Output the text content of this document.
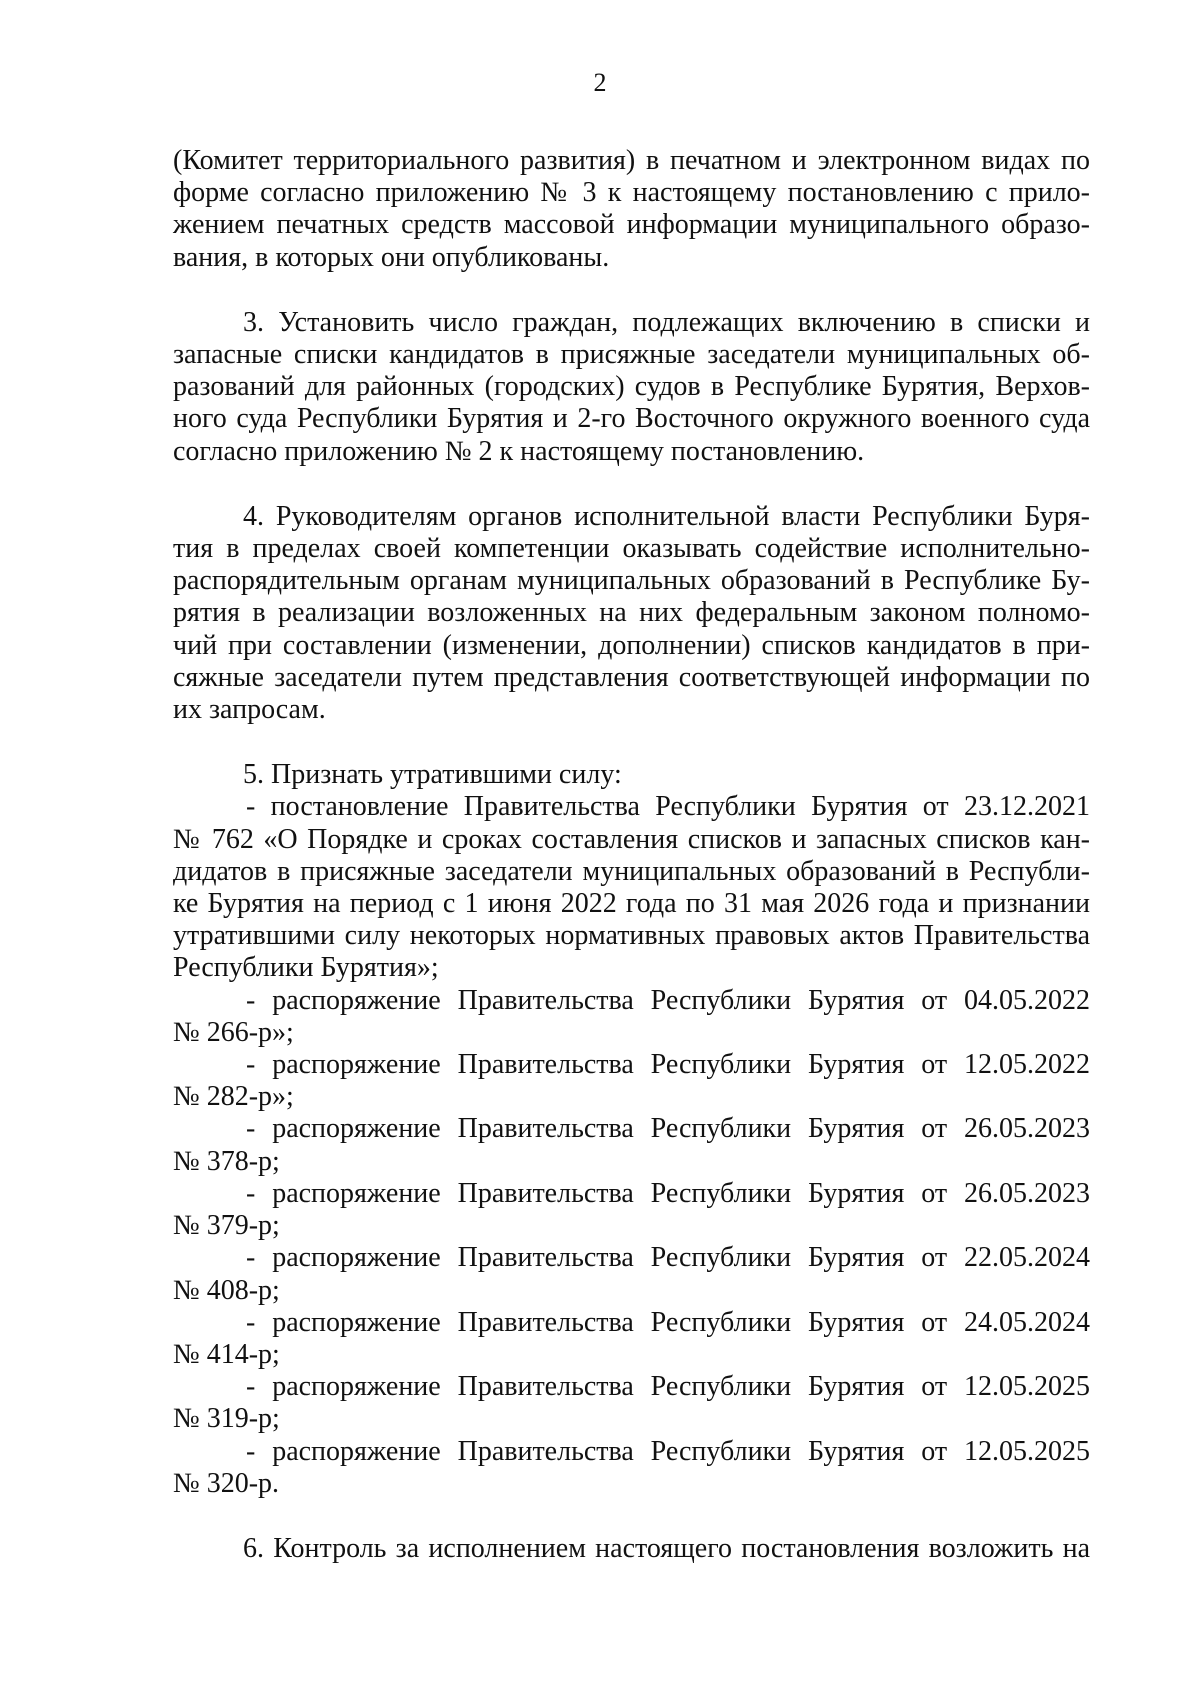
2

(Комитет территориального развития) в печатном и электронном видах по
форме согласно приложению № 3 к настоящему постановлению с прило-
жением печатных средств массовой информации муниципального образо-
вания, в которых они опубликованы.

3. Установить число граждан, подлежащих включению в списки и
запасные списки кандидатов в присяжные заседатели муниципальных об-
разований для районных (городских) судов в Республике Бурятия, Верхов-
ного суда Республики Бурятия и 2-го Восточного окружного военного суда
согласно приложению № 2 к настоящему постановлению.

4. Руководителям органов исполнительной власти Республики Буря-
тия в пределах своей компетенции оказывать содействие исполнительно-
распорядительным органам муниципальных образований в Республике Бу-
рятия в реализации возложенных на них федеральным законом полномо-
чий при составлении (изменении, дополнении) списков кандидатов в при-
сяжные заседатели путем представления соответствующей информации по
их запросам.

5. Признать утратившими силу:

- постановление Правительства Республики Бурятия от 23.12.2021
№ 762 «О Порядке и сроках составления списков и запасных списков кан-
дидатов в присяжные заседатели муниципальных образований в Республи-
ке Бурятия на период с 1 июня 2022 года по 31 мая 2026 года и признании
утратившими силу некоторых нормативных правовых актов Правительства
Республики Бурятия»;

- распоряжение Правительства Республики Бурятия от 04.05.2022
№ 266-р»;

- распоряжение Правительства Республики Бурятия от 12.05.2022
№ 282-р»;

- распоряжение Правительства Республики Бурятия от 26.05.2023
№ 378-р;

- распоряжение Правительства Республики Бурятия от 26.05.2023
№ 379-р;

- распоряжение Правительства Республики Бурятия от 22.05.2024
№ 408-р;

- распоряжение Правительства Республики Бурятия от 24.05.2024
№ 414-р;

- распоряжение Правительства Республики Бурятия от 12.05.2025
№ 319-р;

- распоряжение Правительства Республики Бурятия от 12.05.2025
№ 320-р.

6. Контроль за исполнением настоящего постановления возложить на
